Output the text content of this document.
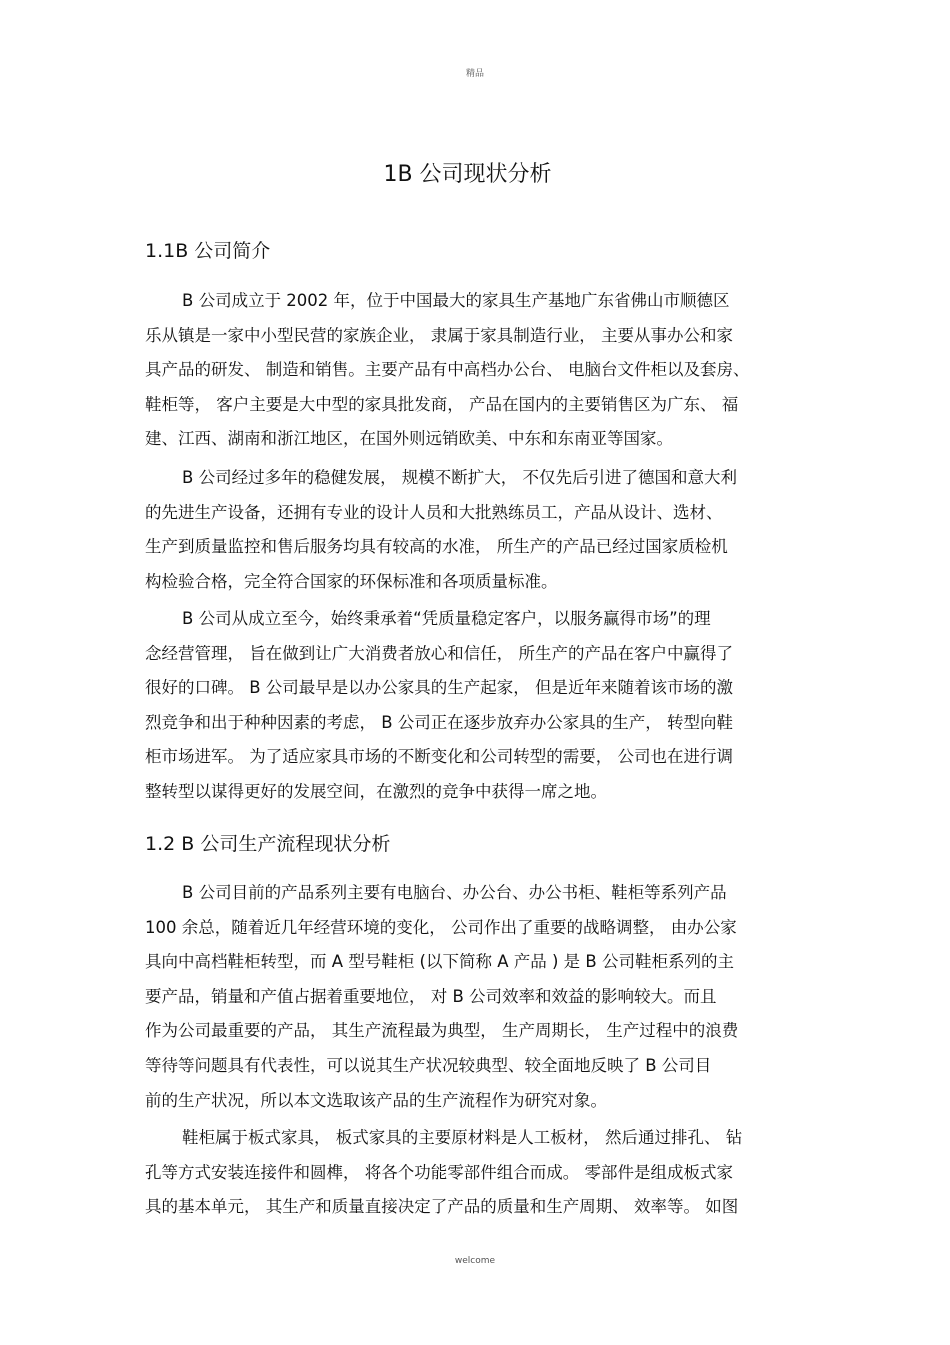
精品
1B 公司现状分析
1.1B 公司简介
B 公司成立于 2002 年，位于中国最大的家具生产基地广东省佛山市顺德区
乐从镇是一家中小型民营的家族企业， 隶属于家具制造行业， 主要从事办公和家
具产品的研发、 制造和销售。主要产品有中高档办公台、 电脑台文件柜以及套房、
鞋柜等， 客户主要是大中型的家具批发商， 产品在国内的主要销售区为广东、 福
建、江西、湖南和浙江地区，在国外则远销欧美、中东和东南亚等国家。
B 公司经过多年的稳健发展， 规模不断扩大， 不仅先后引进了德国和意大利
的先进生产设备，还拥有专业的设计人员和大批熟练员工，产品从设计、选材、
生产到质量监控和售后服务均具有较高的水准， 所生产的产品已经过国家质检机
构检验合格，完全符合国家的环保标准和各项质量标准。
B 公司从成立至今，始终秉承着“凭质量稳定客户，以服务赢得市场”的理
念经营管理， 旨在做到让广大消费者放心和信任， 所生产的产品在客户中赢得了
很好的口碑。 B 公司最早是以办公家具的生产起家， 但是近年来随着该市场的激
烈竞争和出于种种因素的考虑， B 公司正在逐步放弃办公家具的生产， 转型向鞋
柜市场进军。 为了适应家具市场的不断变化和公司转型的需要， 公司也在进行调
整转型以谋得更好的发展空间，在激烈的竞争中获得一席之地。
1.2 B 公司生产流程现状分析
B 公司目前的产品系列主要有电脑台、办公台、办公书柜、鞋柜等系列产品
100 余总，随着近几年经营环境的变化， 公司作出了重要的战略调整， 由办公家
具向中高档鞋柜转型，而 A 型号鞋柜 (以下简称 A 产品 ) 是 B 公司鞋柜系列的主
要产品，销量和产值占据着重要地位， 对 B 公司效率和效益的影响较大。而且
作为公司最重要的产品， 其生产流程最为典型， 生产周期长， 生产过程中的浪费
等待等问题具有代表性，可以说其生产状况较典型、较全面地反映了 B 公司目
前的生产状况，所以本文选取该产品的生产流程作为研究对象。
鞋柜属于板式家具， 板式家具的主要原材料是人工板材， 然后通过排孔、 钻
孔等方式安装连接件和圆榫， 将各个功能零部件组合而成。 零部件是组成板式家
具的基本单元， 其生产和质量直接决定了产品的质量和生产周期、 效率等。 如图
welcome
